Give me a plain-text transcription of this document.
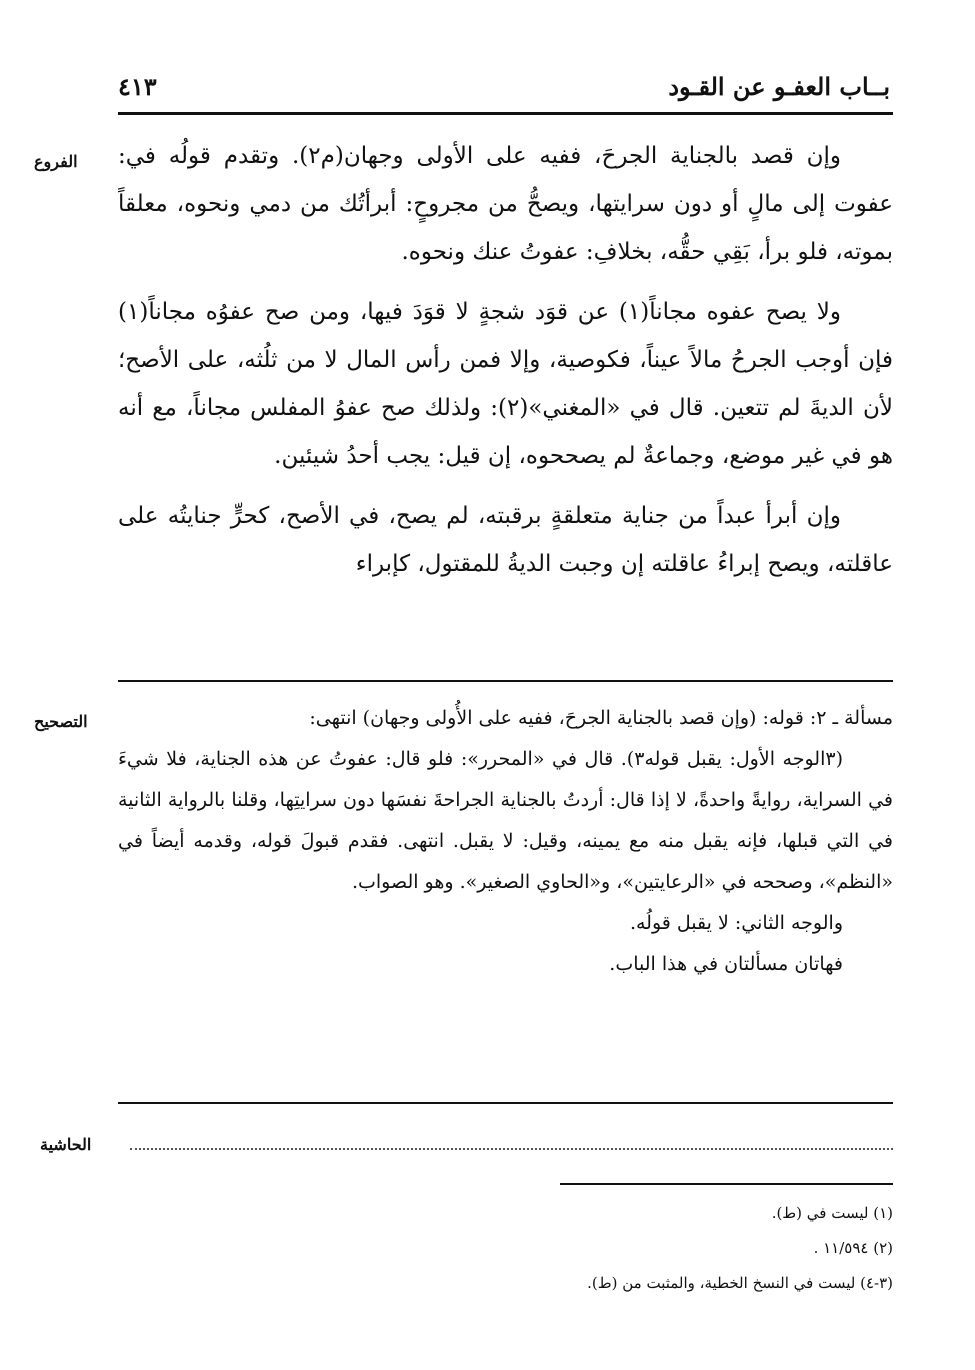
بــاب العفـو عن القـود
٤١٣
الفروع	وإن قصد بالجناية الجرحَ، ففيه على الأولى وجهان(م٢). وتقدم قولُه في: عفوت إلى مالٍ أو دون سرايتها، ويصحُّ من مجروحٍ: أبرأتُك من دمي ونحوه، معلقاً بموته، فلو برأ، بَقِي حقُّه، بخلافِ: عفوتُ عنك ونحوه.

ولا يصح عفوه مجاناً(١) عن قوَد شجةٍ لا قوَدَ فيها، ومن صح عفوُه مجاناً(١) فإن أوجب الجرحُ مالاً عيناً، فكوصية، وإلا فمن رأس المال لا من ثلُثه، على الأصح؛ لأن الديةَ لم تتعين. قال في «المغني»(٢): ولذلك صح عفوُ المفلس مجاناً، مع أنه هو في غير موضع، وجماعةٌ لم يصححوه، إن قيل: يجب أحدُ شيئين.

وإن أبرأ عبداً من جناية متعلقةٍ برقبته، لم يصح، في الأصح، كحرٍّ جنايتُه على عاقلته، ويصح إبراءُ عاقلته إن وجبت الديةُ للمقتول، كإبراء

التصحيح	مسألة ـ ٢: قوله: (وإن قصد بالجناية الجرحَ، ففيه على الأُولى وجهان) انتهى:

(٣الوجه الأول: يقبل قوله٣). قال في «المحرر»: فلو قال: عفوتُ عن هذه الجناية، فلا شيءَ في السراية، روايةً واحدةً، لا إذا قال: أردتُ بالجناية الجراحةَ نفسَها دون سرايتِها، وقلنا بالرواية الثانية في التي قبلها، فإنه يقبل منه مع يمينه، وقيل: لا يقبل. انتهى. فقدم قبولَ قوله، وقدمه أيضاً في «النظم»، وصححه في «الرعايتين»، و«الحاوي الصغير». وهو الصواب.

والوجه الثاني: لا يقبل قولُه.

فهاتان مسألتان في هذا الباب.

الحاشية

(١) ليست في (ط).

(٢) ١١/٥٩٤ .

(٣-٤) ليست في النسخ الخطية، والمثبت من (ط).
